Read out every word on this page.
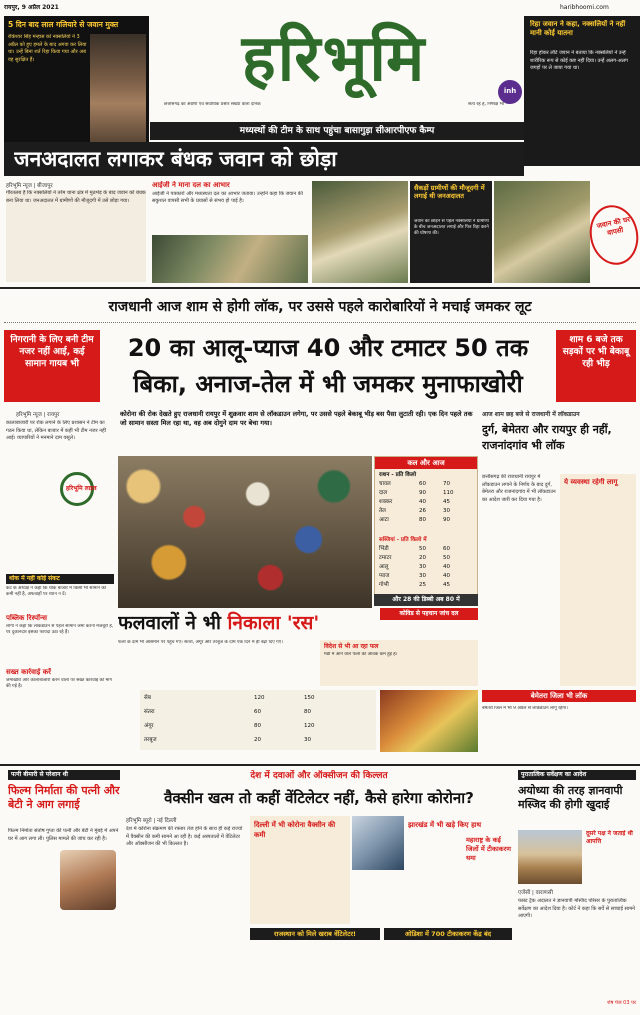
रायपुर, 9 अप्रैल 2021	haribhoomi.com
5 दिन बाद लाल गलियारे से जवान मुक्त
रॉकेश्वर सिंह मन्हास को नक्सलियों ने 3 अप्रैल को हुए हमले के बाद अगवा कर लिया था। उन्हें बिना शर्त रिहा किया गया और अब वह सुरक्षित हैं।	हरिभूमि
छत्तीसगढ़ का अग्रणी एवं सर्वाधिक प्रसार संख्या वाला दैनिक	सत्य रहे हैं, निष्पक्ष भी
inh
रिहा जवान ने कहा, नक्सलियों ने नहीं मानी कोई यातना
रिहा होकर लौटे जवान ने बताया कि नक्सलियों ने उन्हें शारीरिक रूप से कोई कष्ट नहीं दिया। उन्हें अलग-अलग जगहों पर ले जाया गया था।
मध्यस्थों की टीम के साथ पहुंचा बासागुड़ा सीआरपीएफ कैम्प
जनअदालत लगाकर बंधक जवान को छोड़ा
हरिभूमि न्यूज | बीजापुर
गौरतलब है कि नक्सलियों ने तर्रेम थाना क्षेत्र में मुठभेड़ के बाद जवान को बंधक बना लिया था। जनअदालत में ग्रामीणों की मौजूदगी में उसे छोड़ा गया।
आईजी ने माना दल का आभार
आईजी ने पत्रकारों और मध्यस्थता दल का आभार जताया। उन्होंने कहा कि जवान की सकुशल वापसी सभी के प्रयासों से संभव हो पाई है।
सैकड़ों ग्रामीणों की मौजूदगी में लगाई थी जनअदालत
जवान को छोड़ने से पहले नक्सलियों ने ग्रामीणों के बीच जनअदालत लगाई और फिर रिहा करने की घोषणा की।
जवान की घर वापसी
राजधानी आज शाम से होगी लॉक, पर उससे पहले कारोबारियों ने मचाई जमकर लूट
निगरानी के लिए बनी टीम नजर नहीं आई, कई सामान गायब भी
20 का आलू-प्याज 40 और टमाटर 50 तक
बिका, अनाज-तेल में भी जमकर मुनाफाखोरी
शाम 6 बजे तक सड़कों पर भी बेकाबू रही भीड़
कोरोना की रोक देखते हुए राजधानी रायपुर में शुक्रवार शाम से लॉकडाउन लगेगा, पर उससे पहले बेकाबू भीड़ बस पैसा लुटाती रही। एक दिन पहले तक जो सामान सस्ता मिल रहा था, वह अब दोगुने दाम पर बेचा गया।
हरिभूमि न्यूज | रायपुर
कालाबाजारी पर रोक लगाने के लिए प्रशासन ने टीम का गठन किया था, लेकिन बाजार में कहीं भी टीम नजर नहीं आई। व्यापारियों ने मनमाने दाम वसूले।
हरिभूमि लाइव
कल और आज
राशन - प्रति किलो
चावल	60	70
दाल	90	110
शक्कर	40	45
तेल	26	30
आटा	80	90
सब्जियां - प्रति किलो में
भिंडी	50	60
टमाटर	20	50
आलू	30	40
प्याज	30	40
गोभी	25	45
और 28 की डिब्बी अब 80 में
आज शाम छह बजे से राजधानी में लॉकडाउन
दुर्ग, बेमेतरा और रायपुर ही नहीं, राजनांदगांव भी लॉक
छत्तीसगढ़ की राजधानी रायपुर में लॉकडाउन लगाने के निर्णय के बाद दुर्ग, बेमेतरा और राजनांदगांव में भी लॉकडाउन का आदेश जारी कर दिया गया है।
ये व्यवस्था रहेगी लागू
बेमेतरा जिला भी लॉक
बेमेतरा जिले में भी 9 अप्रैल से लॉकडाउन लागू रहेगा।
थोक में नहीं कोई संकट
कैट के अध्यक्ष ने कहा कि थोक बाजार में किसी भी सामान की कमी नहीं है, अफवाहों पर ध्यान न दें।
पब्लिक रिस्पॉन्स
लोगों ने कहा कि लॉकडाउन से पहले सामान जमा करना मजबूरी है, पर दुकानदार इसका फायदा उठा रहे हैं।
सख्त कार्रवाई करें
जमाखोरों और कालाबाजारी करने वालों पर सख्त कार्रवाई की मांग की गई है।
फलवालों ने भी निकाला 'रस'
फलों के दाम भी आसमान पर पहुंच गए। संतरा, अंगूर और तरबूज के दाम एक दिन में ही बढ़ा दिए गए।
विदेश से भी आ रहा फल
मंडी में आने वाले फलों की आवक कम हुई है।
सेब	120	150
संतरा	60	80
अंगूर	80	120
तरबूज	20	30
कोविड से पहचान जांच दल
पत्नी बीमारी से परेशान थी
फिल्म निर्माता की पत्नी और बेटी ने आग लगाई
फिल्म निर्माता संतोष गुप्ता की पत्नी और बेटी ने मुंबई में अपने घर में आग लगा ली। पुलिस मामले की जांच कर रही है।
देश में दवाओं और ऑक्सीजन की किल्लत
वैक्सीन खत्म तो कहीं वेंटिलेटर नहीं, कैसे हारेगा कोरोना?
हरिभूमि ब्यूरो | नई दिल्ली
देश में कोरोना संक्रमण की रफ्तार तेज होने के साथ ही कई राज्यों में वैक्सीन की कमी सामने आ रही है। कई अस्पतालों में वेंटिलेटर और ऑक्सीजन की भी किल्लत है।
दिल्ली में भी कोरोना वैक्सीन की कमी
झारखंड में भी खड़े किए हाथ
महाराष्ट्र के कई जिलों में टीकाकरण थमा
राजस्थान को मिले खराब वेंटिलेटर!	ओडिशा में 700 टीकाकरण केंद्र बंद
पुरातात्विक सर्वेक्षण का आदेश
अयोध्या की तरह ज्ञानवापी मस्जिद की होगी खुदाई
दूसरे पक्ष ने जताई थी आपत्ति
एजेंसी | वाराणसी
फास्ट ट्रैक अदालत ने ज्ञानवापी मस्जिद परिसर के पुरातात्विक सर्वेक्षण का आदेश दिया है। कोर्ट ने कहा कि सर्वे से सच्चाई सामने आएगी।
शेष पेज 03 पर
